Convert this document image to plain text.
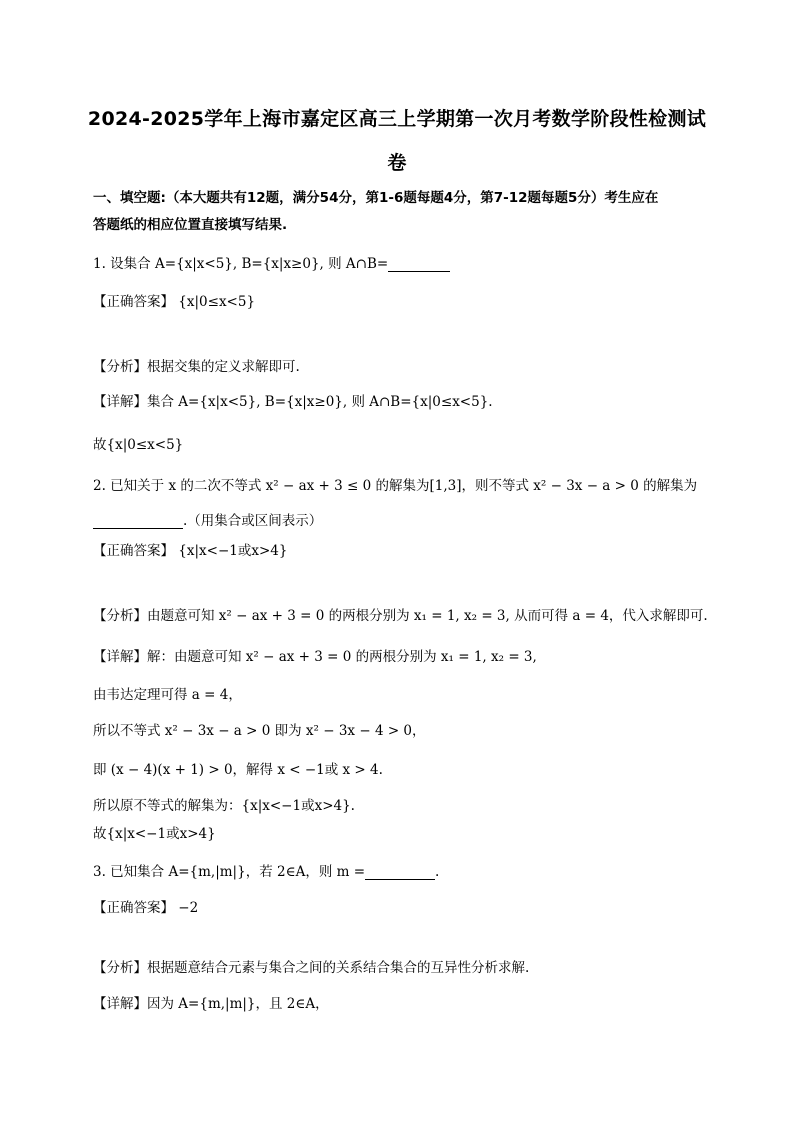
2024-2025学年上海市嘉定区高三上学期第一次月考数学阶段性检测试
卷
一、填空题:（本大题共有12题，满分54分，第1-6题每题4分，第7-12题每题5分）考生应在
答题纸的相应位置直接填写结果.
1. 设集合 A={x|x<5}, B={x|x≥0}, 则 A∩B=
【正确答案】 {x|0≤x<5}
【分析】根据交集的定义求解即可.
【详解】集合 A={x|x<5}, B={x|x≥0}, 则 A∩B={x|0≤x<5}.
故{x|0≤x<5}
2. 已知关于 x 的二次不等式 x² − ax + 3 ≤ 0 的解集为[1,3]，则不等式 x² − 3x − a > 0 的解集为
.（用集合或区间表示）
【正确答案】 {x|x<−1或x>4}
【分析】由题意可知 x² − ax + 3 = 0 的两根分别为 x₁ = 1, x₂ = 3, 从而可得 a = 4，代入求解即可.
【详解】解：由题意可知 x² − ax + 3 = 0 的两根分别为 x₁ = 1, x₂ = 3,
由韦达定理可得 a = 4，
所以不等式 x² − 3x − a > 0 即为 x² − 3x − 4 > 0，
即 (x − 4)(x + 1) > 0，解得 x < −1或 x > 4.
所以原不等式的解集为：{x|x<−1或x>4}.
故{x|x<−1或x>4}
3. 已知集合 A={m,|m|}，若 2∈A，则 m =	.
【正确答案】 −2
【分析】根据题意结合元素与集合之间的关系结合集合的互异性分析求解.
【详解】因为 A={m,|m|}，且 2∈A，
